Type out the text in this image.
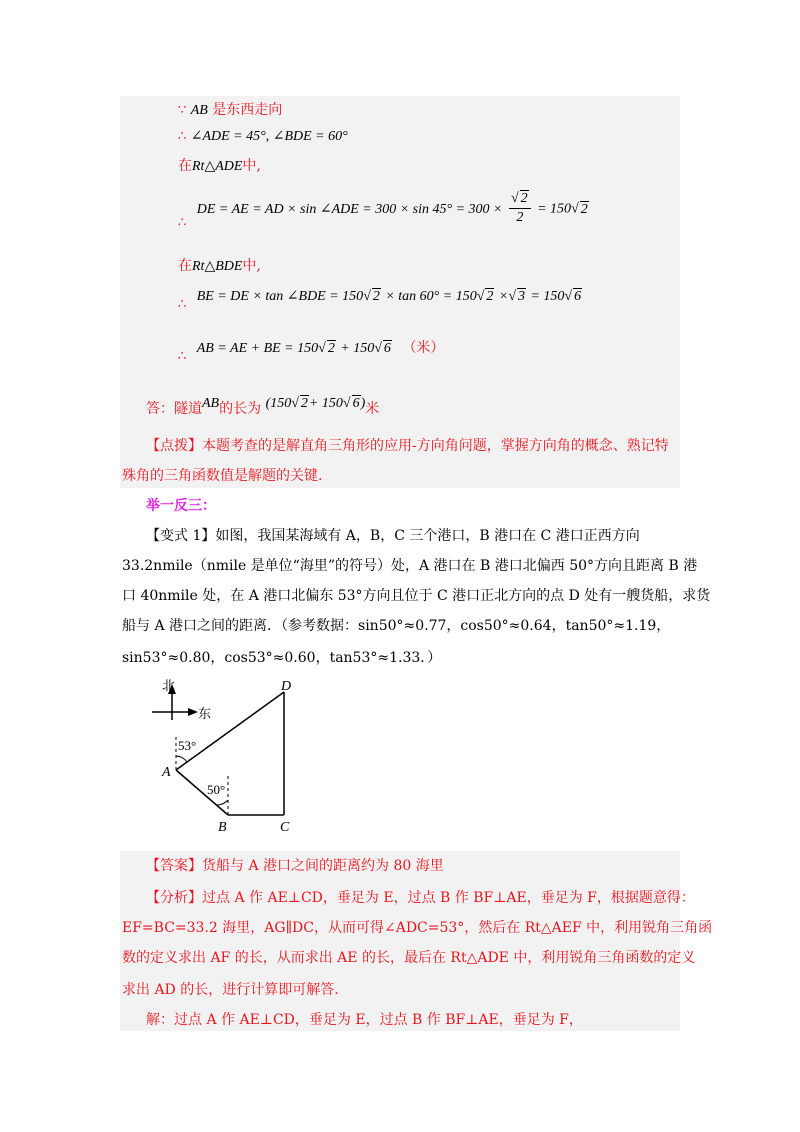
∵ AB 是东西走向
∴ ∠ADE = 45°, ∠BDE = 60°
在Rt△ADE中,
∴ DE = AE = AD × sin ∠ADE = $300 \times \sin 45^\circ = 300 \times \frac{√ 2}{2} = 150√$ 2
在Rt△BDE中,
∴ BE = DE × tan ∠BDE = 150√ 2 × tan 60° = 150√ 2 ×√ 3 = 150√ 6
∴ AB = AE + BE = 150√ 2 + 150√ 6 （米）
答：隧道AB的长为 (150√ 2+ 150√ 6)米
【点拨】本题考查的是解直角三角形的应用-方向角问题，掌握方向角的概念、熟记特
殊角的三角函数值是解题的关键.
举一反三：
【变式 1】如图，我国某海域有 A，B，C 三个港口，B 港口在 C 港口正西方向
33.2nmile（nmile 是单位“海里”的符号）处，A 港口在 B 港口北偏西 50°方向且距离 B 港
口 40nmile 处，在 A 港口北偏东 53°方向且位于 C 港口正北方向的点 D 处有一艘货船，求货
船与 A 港口之间的距离．（参考数据：sin50°≈0.77，cos50°≈0.64，tan50°≈1.19，
sin53°≈0.80，cos53°≈0.60，tan53°≈1.33．）
北
东
53°
50°
A
B	C
D
【答案】货船与 A 港口之间的距离约为 80 海里
【分析】过点 A 作 AE⊥CD，垂足为 E，过点 B 作 BF⊥AE，垂足为 F，根据题意得：
EF=BC=33.2 海里，AG∥DC，从而可得∠ADC=53°，然后在 Rt△AEF 中，利用锐角三角函
数的定义求出 AF 的长，从而求出 AE 的长，最后在 Rt△ADE 中，利用锐角三角函数的定义
求出 AD 的长，进行计算即可解答.
解：过点 A 作 AE⊥CD，垂足为 E，过点 B 作 BF⊥AE，垂足为 F，
